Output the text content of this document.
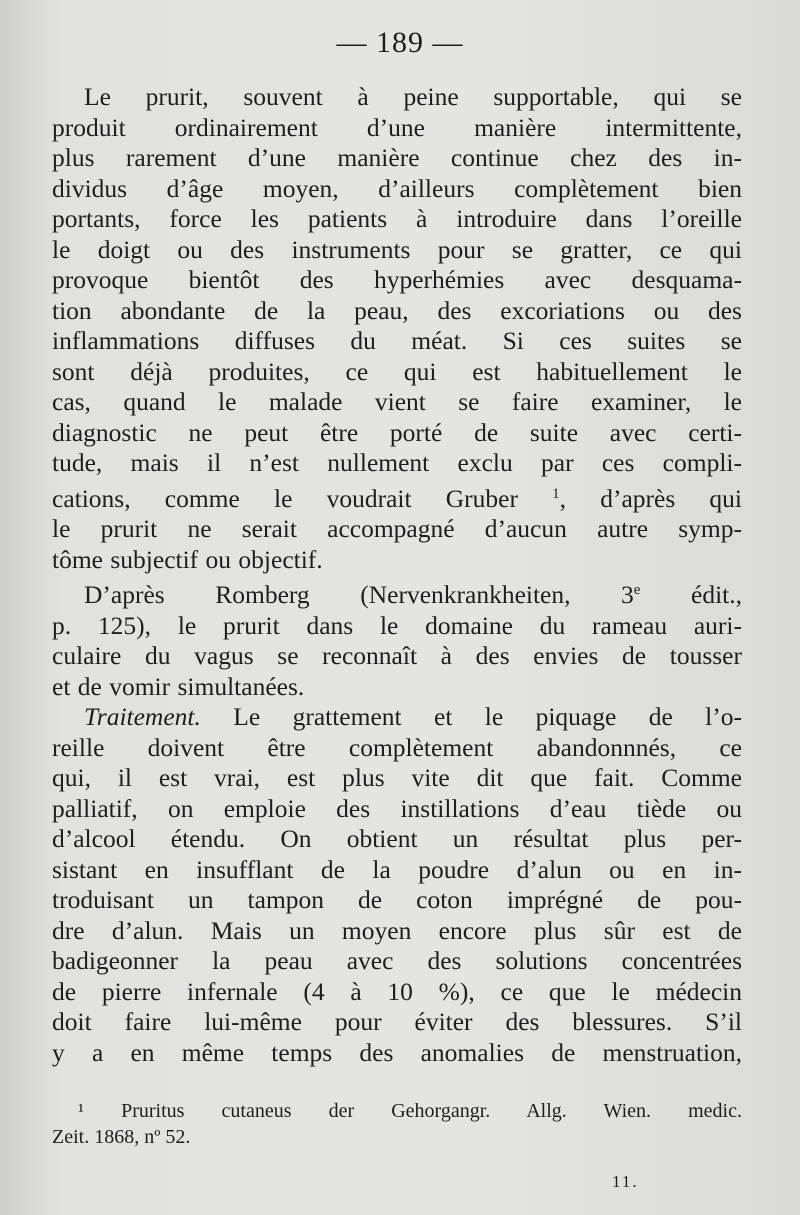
— 189 —
Le prurit, souvent à peine supportable, qui se
produit ordinairement d’une manière intermittente,
plus rarement d’une manière continue chez des in-
dividus d’âge moyen, d’ailleurs complètement bien
portants, force les patients à introduire dans l’oreille
le doigt ou des instruments pour se gratter, ce qui
provoque bientôt des hyperhémies avec desquama-
tion abondante de la peau, des excoriations ou des
inflammations diffuses du méat. Si ces suites se
sont déjà produites, ce qui est habituellement le
cas, quand le malade vient se faire examiner, le
diagnostic ne peut être porté de suite avec certi-
tude, mais il n’est nullement exclu par ces compli-
cations, comme le voudrait Gruber $^1$, d’après qui
le prurit ne serait accompagné d’aucun autre symp-
tôme subjectif ou objectif.
D’après Romberg (Nervenkrankheiten, 3e édit.,
p. 125), le prurit dans le domaine du rameau auri-
culaire du vagus se reconnaît à des envies de tousser
et de vomir simultanées.
Traitement. Le grattement et le piquage de l’o-
reille doivent être complètement abandonnnés, ce
qui, il est vrai, est plus vite dit que fait. Comme
palliatif, on emploie des instillations d’eau tiède ou
d’alcool étendu. On obtient un résultat plus per-
sistant en insufflant de la poudre d’alun ou en in-
troduisant un tampon de coton imprégné de pou-
dre d’alun. Mais un moyen encore plus sûr est de
badigeonner la peau avec des solutions concentrées
de pierre infernale (4 à 10 %), ce que le médecin
doit faire lui-même pour éviter des blessures. S’il
y a en même temps des anomalies de menstruation,
¹ Pruritus cutaneus der Gehorgangr. Allg. Wien. medic.
Zeit. 1868, nº 52.
11.
